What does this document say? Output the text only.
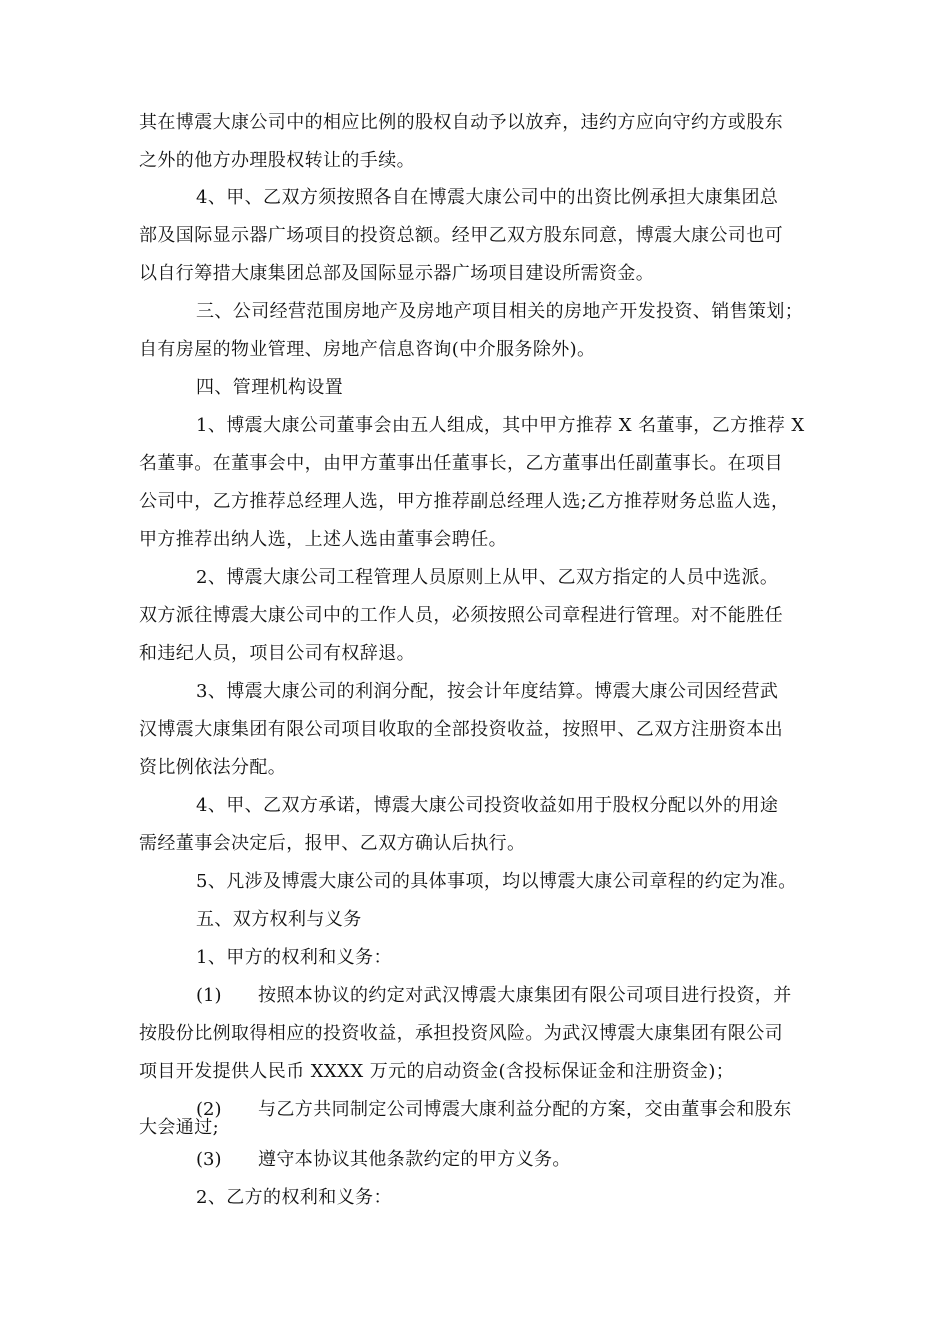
其在博震大康公司中的相应比例的股权自动予以放弃，违约方应向守约方或股东
之外的他方办理股权转让的手续。
4、甲、乙双方须按照各自在博震大康公司中的出资比例承担大康集团总
部及国际显示器广场项目的投资总额。经甲乙双方股东同意，博震大康公司也可
以自行筹措大康集团总部及国际显示器广场项目建设所需资金。
三、公司经营范围房地产及房地产项目相关的房地产开发投资、销售策划；
自有房屋的物业管理、房地产信息咨询(中介服务除外)。
四、管理机构设置
1、博震大康公司董事会由五人组成，其中甲方推荐 X 名董事，乙方推荐 X
名董事。在董事会中，由甲方董事出任董事长，乙方董事出任副董事长。在项目
公司中，乙方推荐总经理人选，甲方推荐副总经理人选;乙方推荐财务总监人选，
甲方推荐出纳人选，上述人选由董事会聘任。
2、博震大康公司工程管理人员原则上从甲、乙双方指定的人员中选派。
双方派往博震大康公司中的工作人员，必须按照公司章程进行管理。对不能胜任
和违纪人员，项目公司有权辞退。
3、博震大康公司的利润分配，按会计年度结算。博震大康公司因经营武
汉博震大康集团有限公司项目收取的全部投资收益，按照甲、乙双方注册资本出
资比例依法分配。
4、甲、乙双方承诺，博震大康公司投资收益如用于股权分配以外的用途
需经董事会决定后，报甲、乙双方确认后执行。
5、凡涉及博震大康公司的具体事项，均以博震大康公司章程的约定为准。
五、双方权利与义务
1、甲方的权利和义务：
(1) 按照本协议的约定对武汉博震大康集团有限公司项目进行投资，并
按股份比例取得相应的投资收益，承担投资风险。为武汉博震大康集团有限公司
项目开发提供人民币 XXXX 万元的启动资金(含投标保证金和注册资金)；
(2) 与乙方共同制定公司博震大康利益分配的方案，交由董事会和股东
大会通过;
(3) 遵守本协议其他条款约定的甲方义务。
2、乙方的权利和义务：
